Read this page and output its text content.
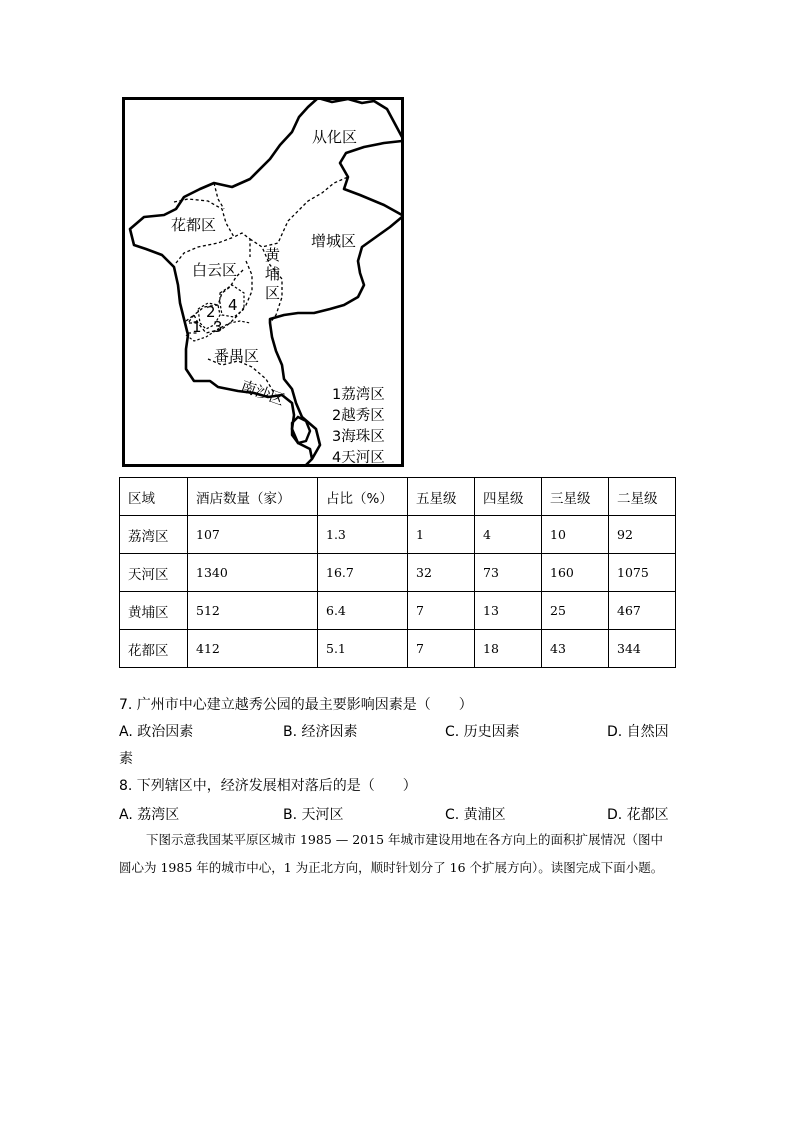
从化区
花都区
增城区
白云区
黄
埔
区
4
2
1 3
番禺区
南沙区	1荔湾区
2越秀区
3海珠区
4天河区
区域	酒店数量（家）	占比（%）	五星级	四星级	三星级	二星级
荔湾区	107	1.3	1	4	10	92
天河区	1340	16.7	32	73	160	1075
黄埔区	512	6.4	7	13	25	467
花都区	412	5.1	7	18	43	344
7. 广州市中心建立越秀公园的最主要影响因素是（　　）
A. 政治因素	B. 经济因素	C. 历史因素	D. 自然因
素
8. 下列辖区中，经济发展相对落后的是（　　）
A. 荔湾区	B. 天河区	C. 黄浦区	D. 花都区
下图示意我国某平原区城市 1985 — 2015 年城市建设用地在各方向上的面积扩展情况（图中圆心为 1985 年的城市中心，1 为正北方向，顺时针划分了 16 个扩展方向）。读图完成下面小题。
